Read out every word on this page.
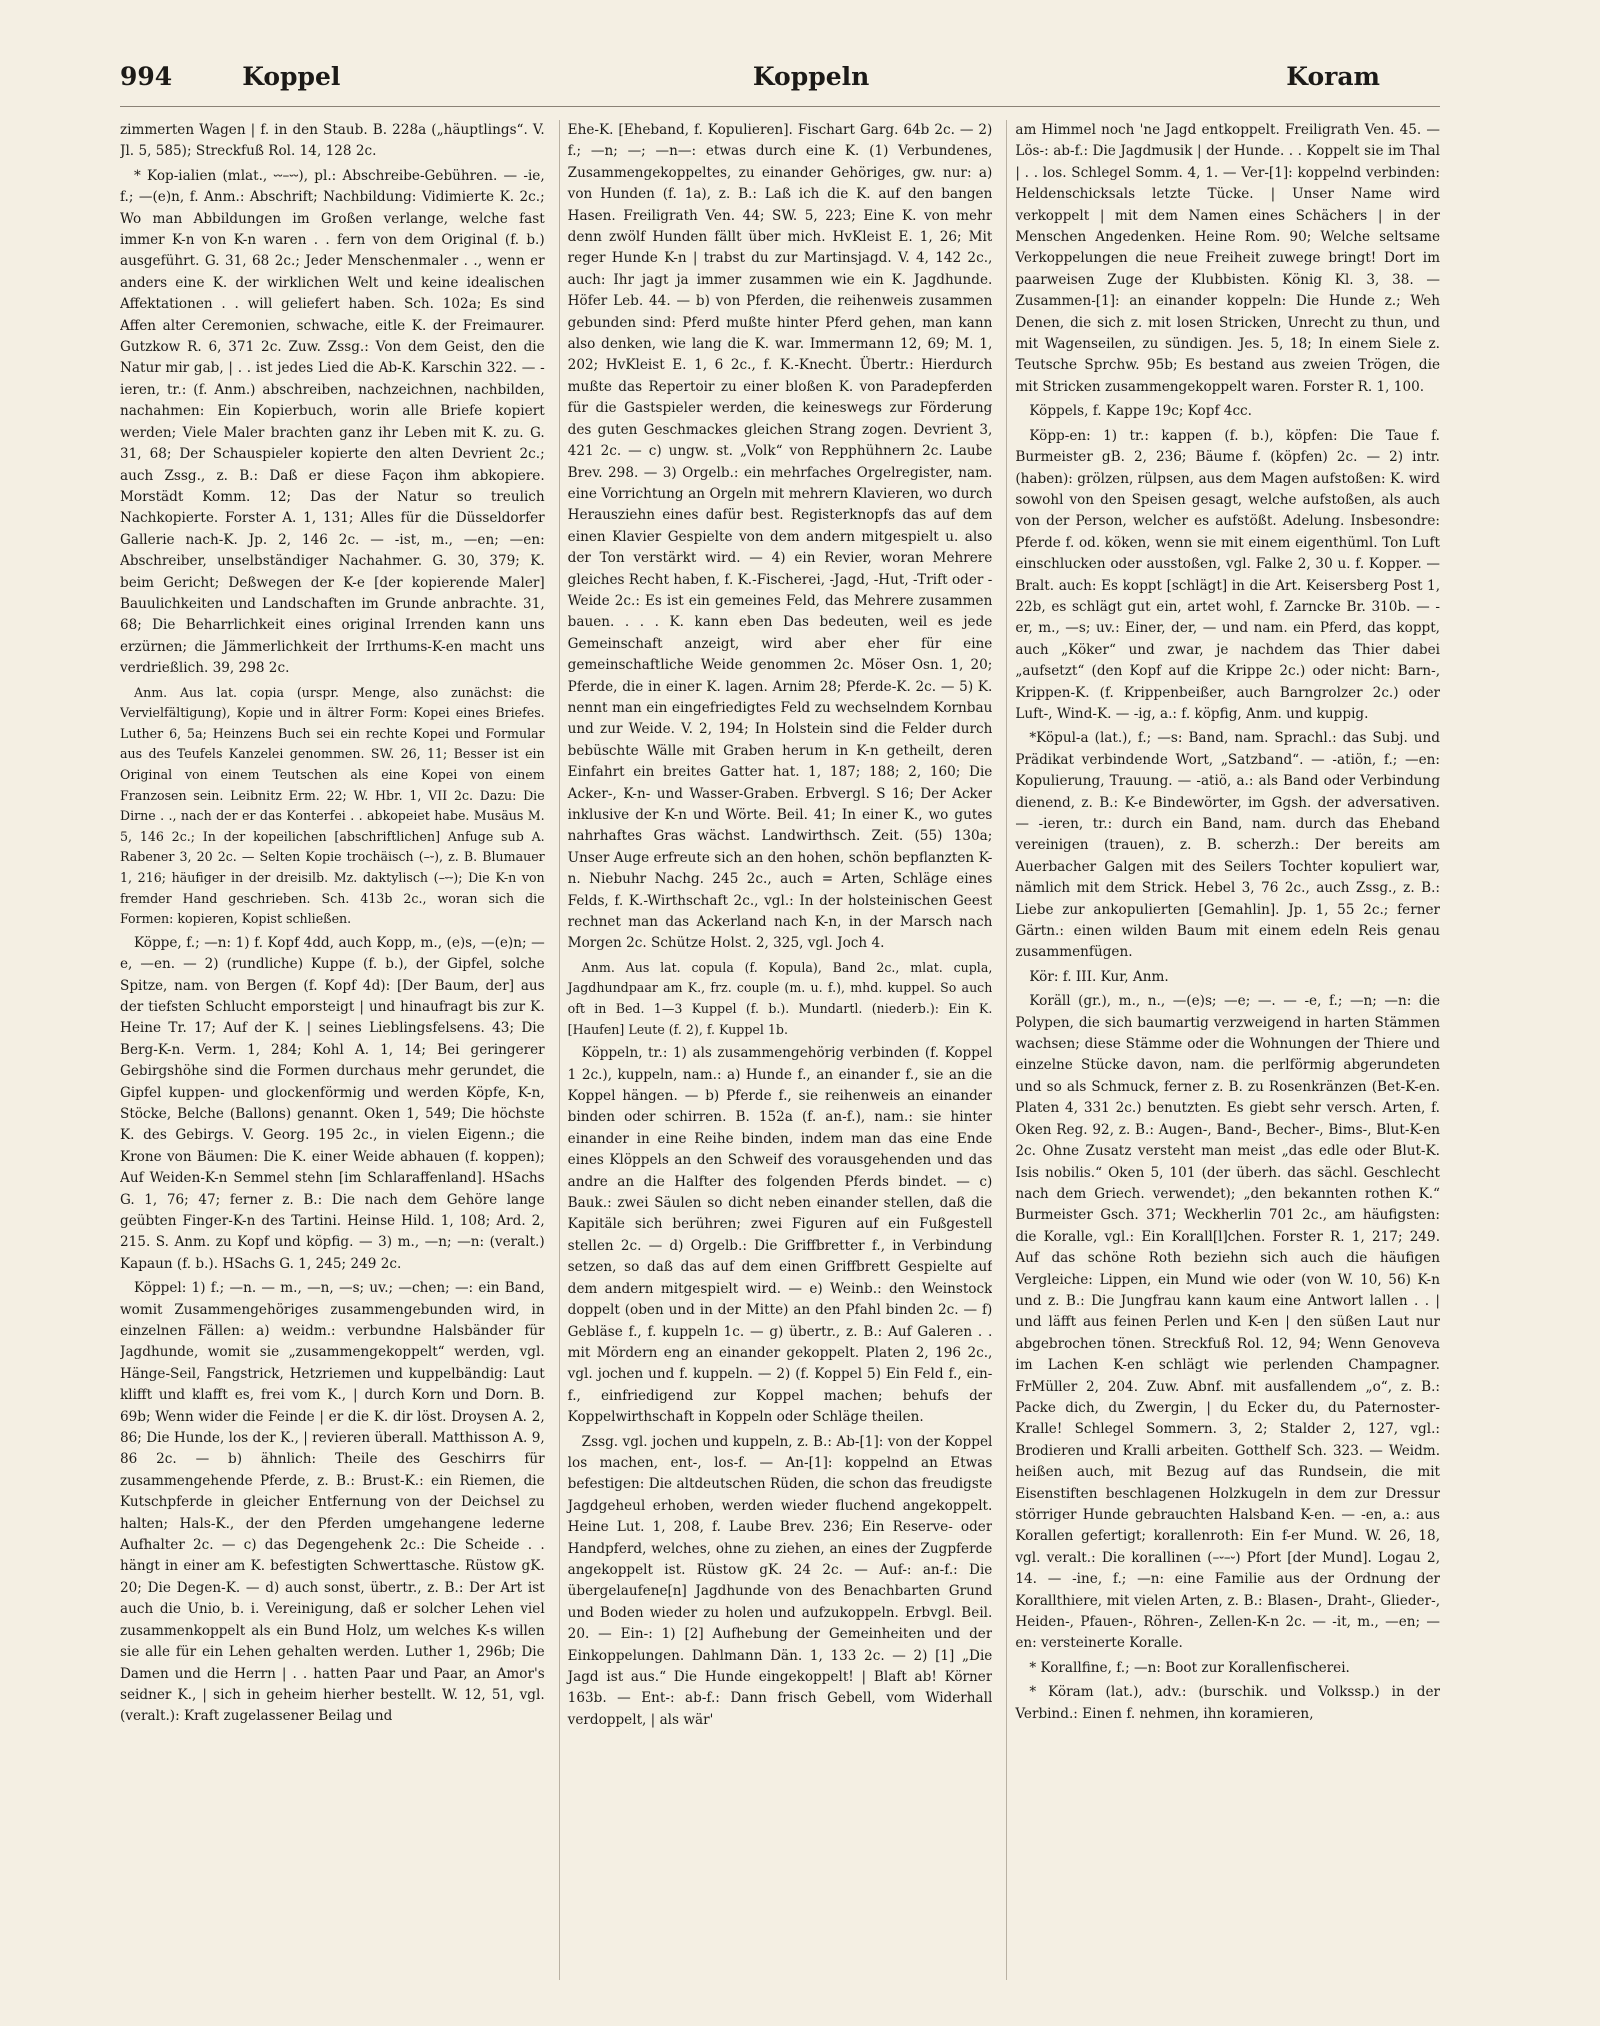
994	Koppel	Koppeln	Koram

zimmerten Wagen | f. in den Staub. B. 228a („häuptlings“. V. Jl. 5, 585); Streckfuß Rol. 14, 128 2c.

* Kop-ialien (mlat., ⏑⏑–⏑⏑), pl.: Abschreibe-Gebühren. — -ie, f.; —(e)n, f. Anm.: Abschrift; Nachbildung: Vidimierte K. 2c.; Wo man Abbildungen im Großen verlange, welche fast immer K-n von K-n waren . . fern von dem Original (f. b.) ausgeführt. G. 31, 68 2c.; Jeder Menschenmaler . ., wenn er anders eine K. der wirklichen Welt und keine idealischen Affektationen . . will geliefert haben. Sch. 102a; Es sind Affen alter Ceremonien, schwache, eitle K. der Freimaurer. Gutzkow R. 6, 371 2c. Zuw. Zssg.: Von dem Geist, den die Natur mir gab, | . . ist jedes Lied die Ab-K. Karschin 322. — -ieren, tr.: (f. Anm.) abschreiben, nachzeichnen, nachbilden, nachahmen: Ein Kopierbuch, worin alle Briefe kopiert werden; Viele Maler brachten ganz ihr Leben mit K. zu. G. 31, 68; Der Schauspieler kopierte den alten Devrient 2c.; auch Zssg., z. B.: Daß er diese Façon ihm abkopiere. Morstädt Komm. 12; Das der Natur so treulich Nachkopierte. Forster A. 1, 131; Alles für die Düsseldorfer Gallerie nach-K. Jp. 2, 146 2c. — -ist, m., —en; —en: Abschreiber, unselbständiger Nachahmer. G. 30, 379; K. beim Gericht; Deßwegen der K-e [der kopierende Maler] Bauulichkeiten und Landschaften im Grunde anbrachte. 31, 68; Die Beharrlichkeit eines original Irrenden kann uns erzürnen; die Jämmerlichkeit der Irrthums-K-en macht uns verdrießlich. 39, 298 2c.

Anm. Aus lat. copia (urspr. Menge, also zunächst: die Vervielfältigung), Kopie und in ältrer Form: Kopei eines Briefes. Luther 6, 5a; Heinzens Buch sei ein rechte Kopei und Formular aus des Teufels Kanzelei genommen. SW. 26, 11; Besser ist ein Original von einem Teutschen als eine Kopei von einem Franzosen sein. Leibnitz Erm. 22; W. Hbr. 1, VII 2c. Dazu: Die Dirne . ., nach der er das Konterfei . . abkopeiet habe. Musäus M. 5, 146 2c.; In der kopeilichen [abschriftlichen] Anfuge sub A. Rabener 3, 20 2c. — Selten Kopie trochäisch (–⏑), z. B. Blumauer 1, 216; häufiger in der dreisilb. Mz. daktylisch (–⏑⏑); Die K-n von fremder Hand geschrieben. Sch. 413b 2c., woran sich die Formen: kopieren, Kopist schließen.

Köppe, f.; —n: 1) f. Kopf 4dd, auch Kopp, m., (e)s, —(e)n; —e, —en. — 2) (rundliche) Kuppe (f. b.), der Gipfel, solche Spitze, nam. von Bergen (f. Kopf 4d): [Der Baum, der] aus der tiefsten Schlucht emporsteigt | und hinaufragt bis zur K. Heine Tr. 17; Auf der K. | seines Lieblingsfelsens. 43; Die Berg-K-n. Verm. 1, 284; Kohl A. 1, 14; Bei geringerer Gebirgshöhe sind die Formen durchaus mehr gerundet, die Gipfel kuppen- und glockenförmig und werden Köpfe, K-n, Stöcke, Belche (Ballons) genannt. Oken 1, 549; Die höchste K. des Gebirgs. V. Georg. 195 2c., in vielen Eigenn.; die Krone von Bäumen: Die K. einer Weide abhauen (f. koppen); Auf Weiden-K-n Semmel stehn [im Schlaraffenland]. HSachs G. 1, 76; 47; ferner z. B.: Die nach dem Gehöre lange geübten Finger-K-n des Tartini. Heinse Hild. 1, 108; Ard. 2, 215. S. Anm. zu Kopf und köpfig. — 3) m., —n; —n: (veralt.) Kapaun (f. b.). HSachs G. 1, 245; 249 2c.

Köppel: 1) f.; —n. — m., —n, —s; uv.; —chen; —: ein Band, womit Zusammengehöriges zusammengebunden wird, in einzelnen Fällen: a) weidm.: verbundne Halsbänder für Jagdhunde, womit sie „zusammengekoppelt“ werden, vgl. Hänge-Seil, Fangstrick, Hetzriemen und kuppelbändig: Laut klifft und klafft es, frei vom K., | durch Korn und Dorn. B. 69b; Wenn wider die Feinde | er die K. dir löst. Droysen A. 2, 86; Die Hunde, los der K., | revieren überall. Matthisson A. 9, 86 2c. — b) ähnlich: Theile des Geschirrs für zusammengehende Pferde, z. B.: Brust-K.: ein Riemen, die Kutschpferde in gleicher Entfernung von der Deichsel zu halten; Hals-K., der den Pferden umgehangene lederne Aufhalter 2c. — c) das Degengehenk 2c.: Die Scheide . . hängt in einer am K. befestigten Schwerttasche. Rüstow gK. 20; Die Degen-K. — d) auch sonst, übertr., z. B.: Der Art ist auch die Unio, b. i. Vereinigung, daß er solcher Lehen viel zusammenkoppelt als ein Bund Holz, um welches K-s willen sie alle für ein Lehen gehalten werden. Luther 1, 296b; Die Damen und die Herrn | . . hatten Paar und Paar, an Amor's seidner K., | sich in geheim hierher bestellt. W. 12, 51, vgl. (veralt.): Kraft zugelassener Beilag und

Ehe-K. [Eheband, f. Kopulieren]. Fischart Garg. 64b 2c. — 2) f.; —n; —; —n—: etwas durch eine K. (1) Verbundenes, Zusammengekoppeltes, zu einander Gehöriges, gw. nur: a) von Hunden (f. 1a), z. B.: Laß ich die K. auf den bangen Hasen. Freiligrath Ven. 44; SW. 5, 223; Eine K. von mehr denn zwölf Hunden fällt über mich. HvKleist E. 1, 26; Mit reger Hunde K-n | trabst du zur Martinsjagd. V. 4, 142 2c., auch: Ihr jagt ja immer zusammen wie ein K. Jagdhunde. Höfer Leb. 44. — b) von Pferden, die reihenweis zusammen gebunden sind: Pferd mußte hinter Pferd gehen, man kann also denken, wie lang die K. war. Immermann 12, 69; M. 1, 202; HvKleist E. 1, 6 2c., f. K.-Knecht. Übertr.: Hierdurch mußte das Repertoir zu einer bloßen K. von Paradepferden für die Gastspieler werden, die keineswegs zur Förderung des guten Geschmackes gleichen Strang zogen. Devrient 3, 421 2c. — c) ungw. st. „Volk“ von Repphühnern 2c. Laube Brev. 298. — 3) Orgelb.: ein mehrfaches Orgelregister, nam. eine Vorrichtung an Orgeln mit mehrern Klavieren, wo durch Herausziehn eines dafür best. Registerknopfs das auf dem einen Klavier Gespielte von dem andern mitgespielt u. also der Ton verstärkt wird. — 4) ein Revier, woran Mehrere gleiches Recht haben, f. K.-Fischerei, -Jagd, -Hut, -Trift oder -Weide 2c.: Es ist ein gemeines Feld, das Mehrere zusammen bauen. . . . K. kann eben Das bedeuten, weil es jede Gemeinschaft anzeigt, wird aber eher für eine gemeinschaftliche Weide genommen 2c. Möser Osn. 1, 20; Pferde, die in einer K. lagen. Arnim 28; Pferde-K. 2c. — 5) K. nennt man ein eingefriedigtes Feld zu wechselndem Kornbau und zur Weide. V. 2, 194; In Holstein sind die Felder durch bebüschte Wälle mit Graben herum in K-n getheilt, deren Einfahrt ein breites Gatter hat. 1, 187; 188; 2, 160; Die Acker-, K-n- und Wasser-Graben. Erbvergl. S 16; Der Acker inklusive der K-n und Wörte. Beil. 41; In einer K., wo gutes nahrhaftes Gras wächst. Landwirthsch. Zeit. (55) 130a; Unser Auge erfreute sich an den hohen, schön bepflanzten K-n. Niebuhr Nachg. 245 2c., auch = Arten, Schläge eines Felds, f. K.-Wirthschaft 2c., vgl.: In der holsteinischen Geest rechnet man das Ackerland nach K-n, in der Marsch nach Morgen 2c. Schütze Holst. 2, 325, vgl. Joch 4.

Anm. Aus lat. copula (f. Kopula), Band 2c., mlat. cupla, Jagdhundpaar am K., frz. couple (m. u. f.), mhd. kuppel. So auch oft in Bed. 1—3 Kuppel (f. b.). Mundartl. (niederb.): Ein K. [Haufen] Leute (f. 2), f. Kuppel 1b.

Köppeln, tr.: 1) als zusammengehörig verbinden (f. Koppel 1 2c.), kuppeln, nam.: a) Hunde f., an einander f., sie an die Koppel hängen. — b) Pferde f., sie reihenweis an einander binden oder schirren. B. 152a (f. an-f.), nam.: sie hinter einander in eine Reihe binden, indem man das eine Ende eines Klöppels an den Schweif des vorausgehenden und das andre an die Halfter des folgenden Pferds bindet. — c) Bauk.: zwei Säulen so dicht neben einander stellen, daß die Kapitäle sich berühren; zwei Figuren auf ein Fußgestell stellen 2c. — d) Orgelb.: Die Griffbretter f., in Verbindung setzen, so daß das auf dem einen Griffbrett Gespielte auf dem andern mitgespielt wird. — e) Weinb.: den Weinstock doppelt (oben und in der Mitte) an den Pfahl binden 2c. — f) Gebläse f., f. kuppeln 1c. — g) übertr., z. B.: Auf Galeren . . mit Mördern eng an einander gekoppelt. Platen 2, 196 2c., vgl. jochen und f. kuppeln. — 2) (f. Koppel 5) Ein Feld f., ein-f., einfriedigend zur Koppel machen; behufs der Koppelwirthschaft in Koppeln oder Schläge theilen.

Zssg. vgl. jochen und kuppeln, z. B.: Ab-[1]: von der Koppel los machen, ent-, los-f. — An-[1]: koppelnd an Etwas befestigen: Die altdeutschen Rüden, die schon das freudigste Jagdgeheul erhoben, werden wieder fluchend angekoppelt. Heine Lut. 1, 208, f. Laube Brev. 236; Ein Reserve- oder Handpferd, welches, ohne zu ziehen, an eines der Zugpferde angekoppelt ist. Rüstow gK. 24 2c. — Auf-: an-f.: Die übergelaufene[n] Jagdhunde von des Benachbarten Grund und Boden wieder zu holen und aufzukoppeln. Erbvgl. Beil. 20. — Ein-: 1) [2] Aufhebung der Gemeinheiten und der Einkoppelungen. Dahlmann Dän. 1, 133 2c. — 2) [1] „Die Jagd ist aus.“ Die Hunde eingekoppelt! | Blaft ab! Körner 163b. — Ent-: ab-f.: Dann frisch Gebell, vom Widerhall verdoppelt, | als wär'

am Himmel noch 'ne Jagd entkoppelt. Freiligrath Ven. 45. — Lös-: ab-f.: Die Jagdmusik | der Hunde. . . Koppelt sie im Thal | . . los. Schlegel Somm. 4, 1. — Ver-[1]: koppelnd verbinden: Heldenschicksals letzte Tücke. | Unser Name wird verkoppelt | mit dem Namen eines Schächers | in der Menschen Angedenken. Heine Rom. 90; Welche seltsame Verkoppelungen die neue Freiheit zuwege bringt! Dort im paarweisen Zuge der Klubbisten. König Kl. 3, 38. — Zusammen-[1]: an einander koppeln: Die Hunde z.; Weh Denen, die sich z. mit losen Stricken, Unrecht zu thun, und mit Wagenseilen, zu sündigen. Jes. 5, 18; In einem Siele z. Teutsche Sprchw. 95b; Es bestand aus zweien Trögen, die mit Stricken zusammengekoppelt waren. Forster R. 1, 100.

Köppels, f. Kappe 19c; Kopf 4cc.

Köpp-en: 1) tr.: kappen (f. b.), köpfen: Die Taue f. Burmeister gB. 2, 236; Bäume f. (köpfen) 2c. — 2) intr. (haben): grölzen, rülpsen, aus dem Magen aufstoßen: K. wird sowohl von den Speisen gesagt, welche aufstoßen, als auch von der Person, welcher es aufstößt. Adelung. Insbesondre: Pferde f. od. köken, wenn sie mit einem eigenthüml. Ton Luft einschlucken oder ausstoßen, vgl. Falke 2, 30 u. f. Kopper. — Bralt. auch: Es koppt [schlägt] in die Art. Keisersberg Post 1, 22b, es schlägt gut ein, artet wohl, f. Zarncke Br. 310b. — -er, m., —s; uv.: Einer, der, — und nam. ein Pferd, das koppt, auch „Köker“ und zwar, je nachdem das Thier dabei „aufsetzt“ (den Kopf auf die Krippe 2c.) oder nicht: Barn-, Krippen-K. (f. Krippenbeißer, auch Barngrolzer 2c.) oder Luft-, Wind-K. — -ig, a.: f. köpfig, Anm. und kuppig.

*Köpul-a (lat.), f.; —s: Band, nam. Sprachl.: das Subj. und Prädikat verbindende Wort, „Satzband“. — -atiön, f.; —en: Kopulierung, Trauung. — -atiö, a.: als Band oder Verbindung dienend, z. B.: K-e Bindewörter, im Ggsh. der adversativen. — -ieren, tr.: durch ein Band, nam. durch das Eheband vereinigen (trauen), z. B. scherzh.: Der bereits am Auerbacher Galgen mit des Seilers Tochter kopuliert war, nämlich mit dem Strick. Hebel 3, 76 2c., auch Zssg., z. B.: Liebe zur ankopulierten [Gemahlin]. Jp. 1, 55 2c.; ferner Gärtn.: einen wilden Baum mit einem edeln Reis genau zusammenfügen.

Kör: f. III. Kur, Anm.

Koräll (gr.), m., n., —(e)s; —e; —. — -e, f.; —n; —n: die Polypen, die sich baumartig verzweigend in harten Stämmen wachsen; diese Stämme oder die Wohnungen der Thiere und einzelne Stücke davon, nam. die perlförmig abgerundeten und so als Schmuck, ferner z. B. zu Rosenkränzen (Bet-K-en. Platen 4, 331 2c.) benutzten. Es giebt sehr versch. Arten, f. Oken Reg. 92, z. B.: Augen-, Band-, Becher-, Bims-, Blut-K-en 2c. Ohne Zusatz versteht man meist „das edle oder Blut-K. Isis nobilis.“ Oken 5, 101 (der überh. das sächl. Geschlecht nach dem Griech. verwendet); „den bekannten rothen K.“ Burmeister Gsch. 371; Weckherlin 701 2c., am häufigsten: die Koralle, vgl.: Ein Korall[l]chen. Forster R. 1, 217; 249. Auf das schöne Roth beziehn sich auch die häufigen Vergleiche: Lippen, ein Mund wie oder (von W. 10, 56) K-n und z. B.: Die Jungfrau kann kaum eine Antwort lallen . . | und läfft aus feinen Perlen und K-en | den süßen Laut nur abgebrochen tönen. Streckfuß Rol. 12, 94; Wenn Genoveva im Lachen K-en schlägt wie perlenden Champagner. FrMüller 2, 204. Zuw. Abnf. mit ausfallendem „o“, z. B.: Packe dich, du Zwergin, | du Ecker du, du Paternoster-Kralle! Schlegel Sommern. 3, 2; Stalder 2, 127, vgl.: Brodieren und Kralli arbeiten. Gotthelf Sch. 323. — Weidm. heißen auch, mit Bezug auf das Rundsein, die mit Eisenstiften beschlagenen Holzkugeln in dem zur Dressur störriger Hunde gebrauchten Halsband K-en. — -en, a.: aus Korallen gefertigt; korallenroth: Ein f-er Mund. W. 26, 18, vgl. veralt.: Die korallinen (–⏑–⏑) Pfort [der Mund]. Logau 2, 14. — -ine, f.; —n: eine Familie aus der Ordnung der Korallthiere, mit vielen Arten, z. B.: Blasen-, Draht-, Glieder-, Heiden-, Pfauen-, Röhren-, Zellen-K-n 2c. — -it, m., —en; —en: versteinerte Koralle.

* Korallfine, f.; —n: Boot zur Korallenfischerei.

* Köram (lat.), adv.: (burschik. und Volkssp.) in der Verbind.: Einen f. nehmen, ihn koramieren,
